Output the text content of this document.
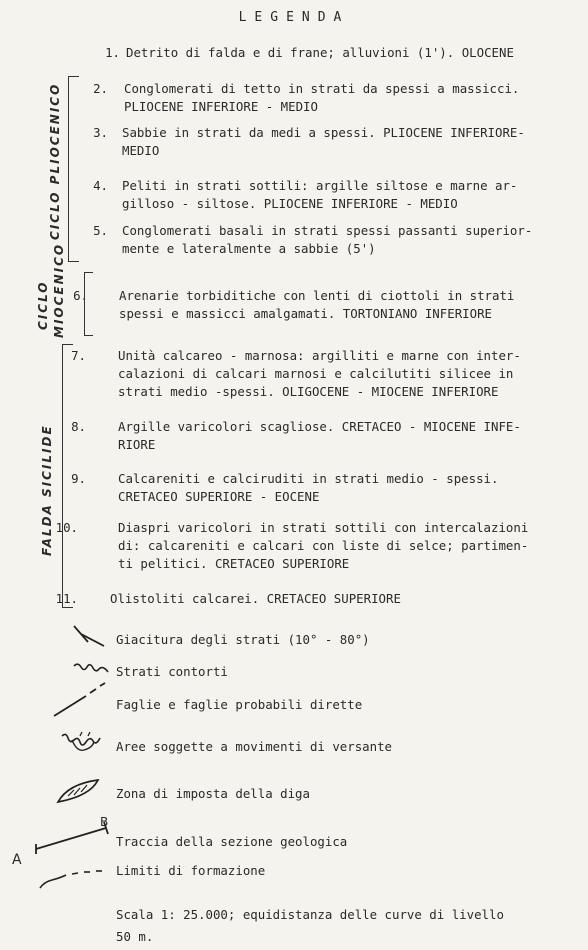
LEGENDA
1. Detrito di falda e di frane; alluvioni (1'). OLOCENE
2. Conglomerati di tetto in strati da spessi a massicci.
PLIOCENE INFERIORE - MEDIO
3. Sabbie in strati da medi a spessi. PLIOCENE INFERIORE-
MEDIO
4. Peliti in strati sottili: argille siltose e marne ar-
gilloso - siltose. PLIOCENE INFERIORE - MEDIO
5. Conglomerati basali in strati spessi passanti superior-
mente e lateralmente a sabbie (5')
6.	Arenarie torbiditiche con lenti di ciottoli in strati
spessi e massicci amalgamati. TORTONIANO INFERIORE
7.	Unità calcareo - marnosa: argilliti e marne con inter-
calazioni di calcari marnosi e calcilutiti silicee in
strati medio -spessi. OLIGOCENE - MIOCENE INFERIORE
8.	Argille varicolori scagliose. CRETACEO - MIOCENE INFE-
RIORE
9.	Calcareniti e calciruditi in strati medio - spessi.
CRETACEO SUPERIORE - EOCENE
10.	Diaspri varicolori in strati sottili con intercalazioni
di: calcareniti e calcari con liste di selce; partimen-
ti pelitici. CRETACEO SUPERIORE
11.	Olistoliti calcarei. CRETACEO SUPERIORE
CICLO PLIOCENICO
CICLO MIOCENICO
FALDA SICILIDE
Giacitura degli strati (10° - 80°)
Strati contorti
Faglie e faglie probabili dirette
Aree soggette a movimenti di versante
Zona di imposta della diga
A
B
Traccia della sezione geologica
Limiti di formazione
Scala 1: 25.000; equidistanza delle curve di livello
50 m.
